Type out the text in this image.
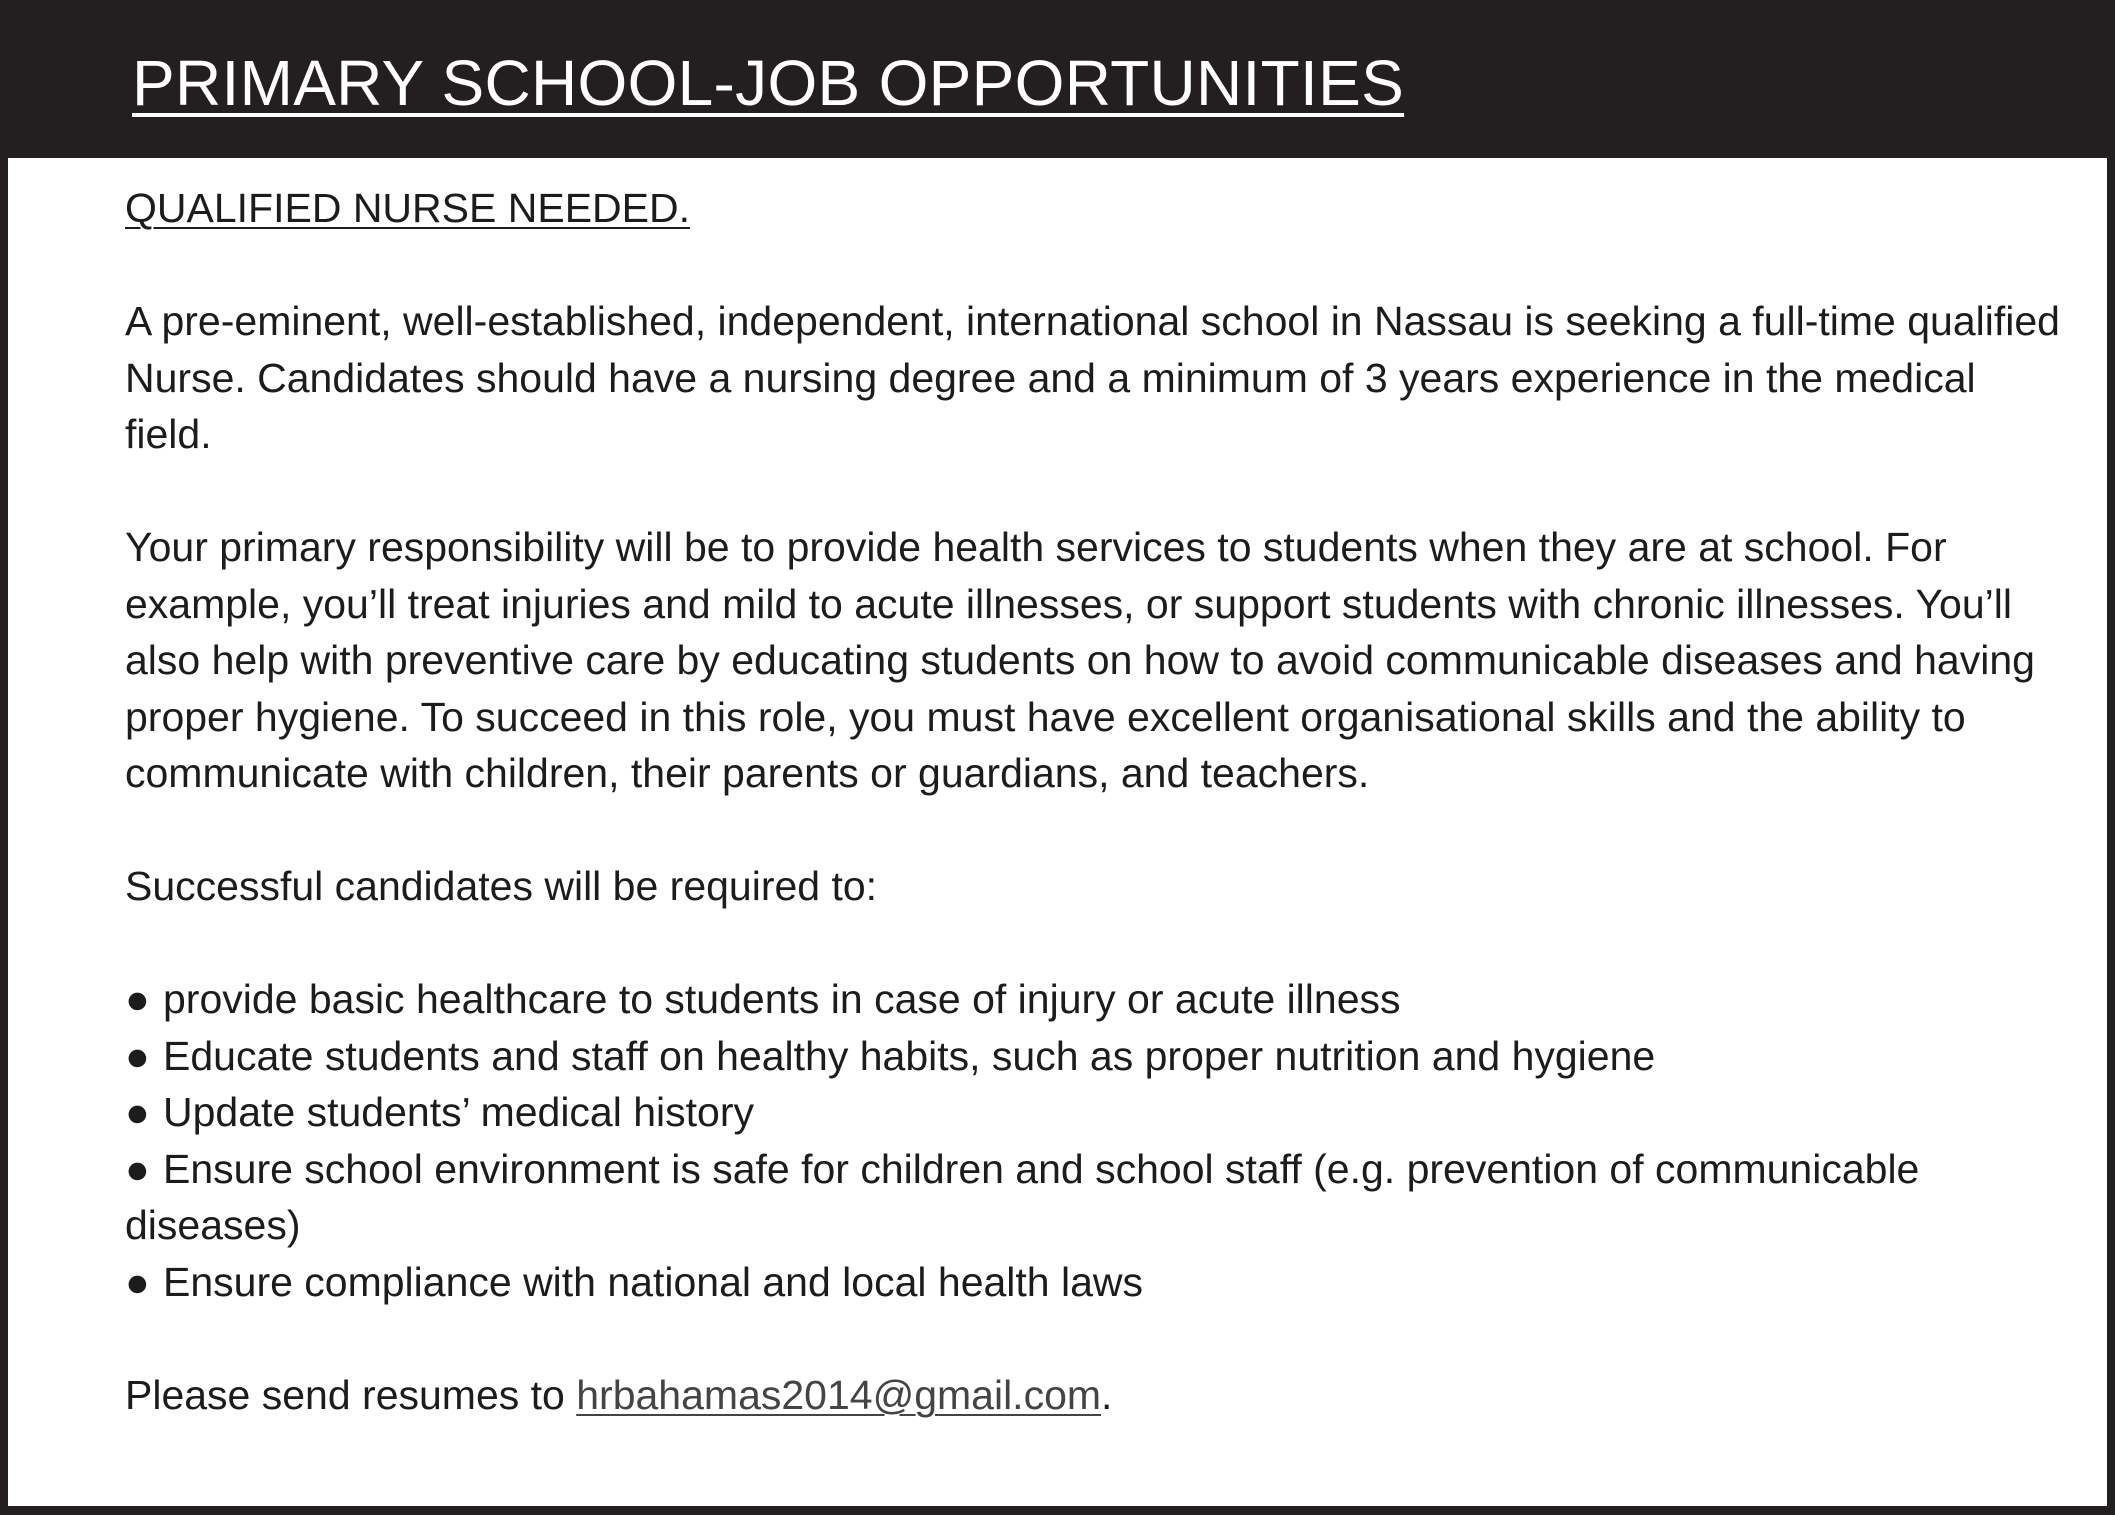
PRIMARY SCHOOL-JOB OPPORTUNITIES

QUALIFIED NURSE NEEDED.

A pre-eminent, well-established, independent, international school in Nassau is seeking a full-time qualified Nurse. Candidates should have a nursing degree and a minimum of 3 years experience in the medical field.

Your primary responsibility will be to provide health services to students when they are at school. For example, you’ll treat injuries and mild to acute illnesses, or support students with chronic illnesses. You’ll also help with preventive care by educating students on how to avoid communicable diseases and having proper hygiene. To succeed in this role, you must have excellent organisational skills and the ability to communicate with children, their parents or guardians, and teachers.

Successful candidates will be required to:

● provide basic healthcare to students in case of injury or acute illness
● Educate students and staff on healthy habits, such as proper nutrition and hygiene
● Update students’ medical history
● Ensure school environment is safe for children and school staff (e.g. prevention of communicable diseases)
● Ensure compliance with national and local health laws

Please send resumes to hrbahamas2014@gmail.com.
